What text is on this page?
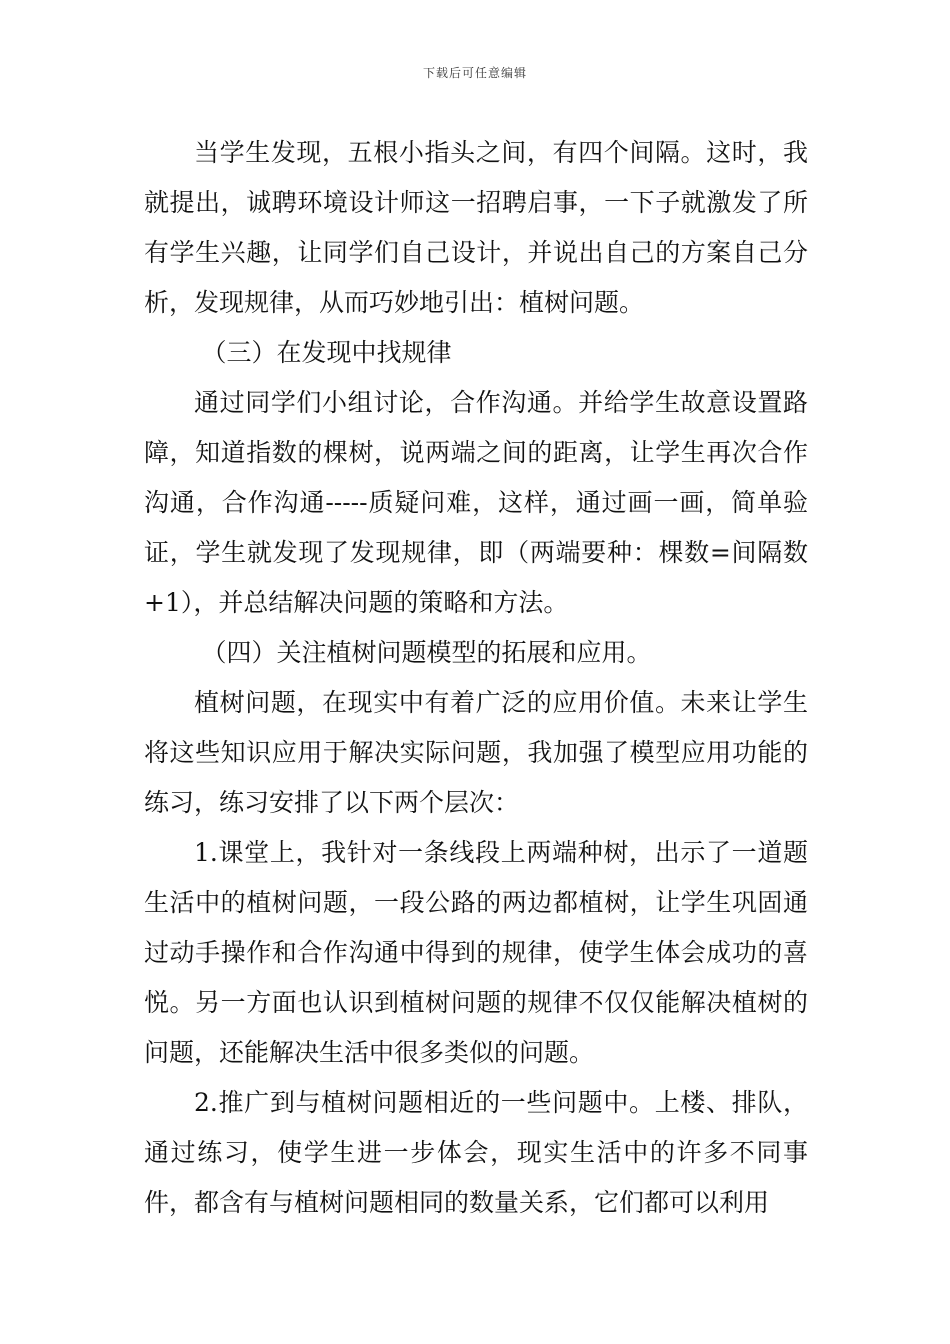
下载后可任意编辑

当学生发现，五根小指头之间，有四个间隔。这时，我就提出，诚聘环境设计师这一招聘启事，一下子就激发了所有学生兴趣，让同学们自己设计，并说出自己的方案自己分析，发现规律，从而巧妙地引出：植树问题。

（三）在发现中找规律

通过同学们小组讨论，合作沟通。并给学生故意设置路障，知道指数的棵树，说两端之间的距离，让学生再次合作沟通，合作沟通-----质疑问难，这样，通过画一画，简单验证，学生就发现了发现规律，即（两端要种：棵数=间隔数+1），并总结解决问题的策略和方法。

（四）关注植树问题模型的拓展和应用。

植树问题，在现实中有着广泛的应用价值。未来让学生将这些知识应用于解决实际问题，我加强了模型应用功能的练习，练习安排了以下两个层次：

1.课堂上，我针对一条线段上两端种树，出示了一道题生活中的植树问题，一段公路的两边都植树，让学生巩固通过动手操作和合作沟通中得到的规律，使学生体会成功的喜悦。另一方面也认识到植树问题的规律不仅仅能解决植树的问题，还能解决生活中很多类似的问题。

2.推广到与植树问题相近的一些问题中。上楼、排队，通过练习，使学生进一步体会，现实生活中的许多不同事件，都含有与植树问题相同的数量关系，它们都可以利用
